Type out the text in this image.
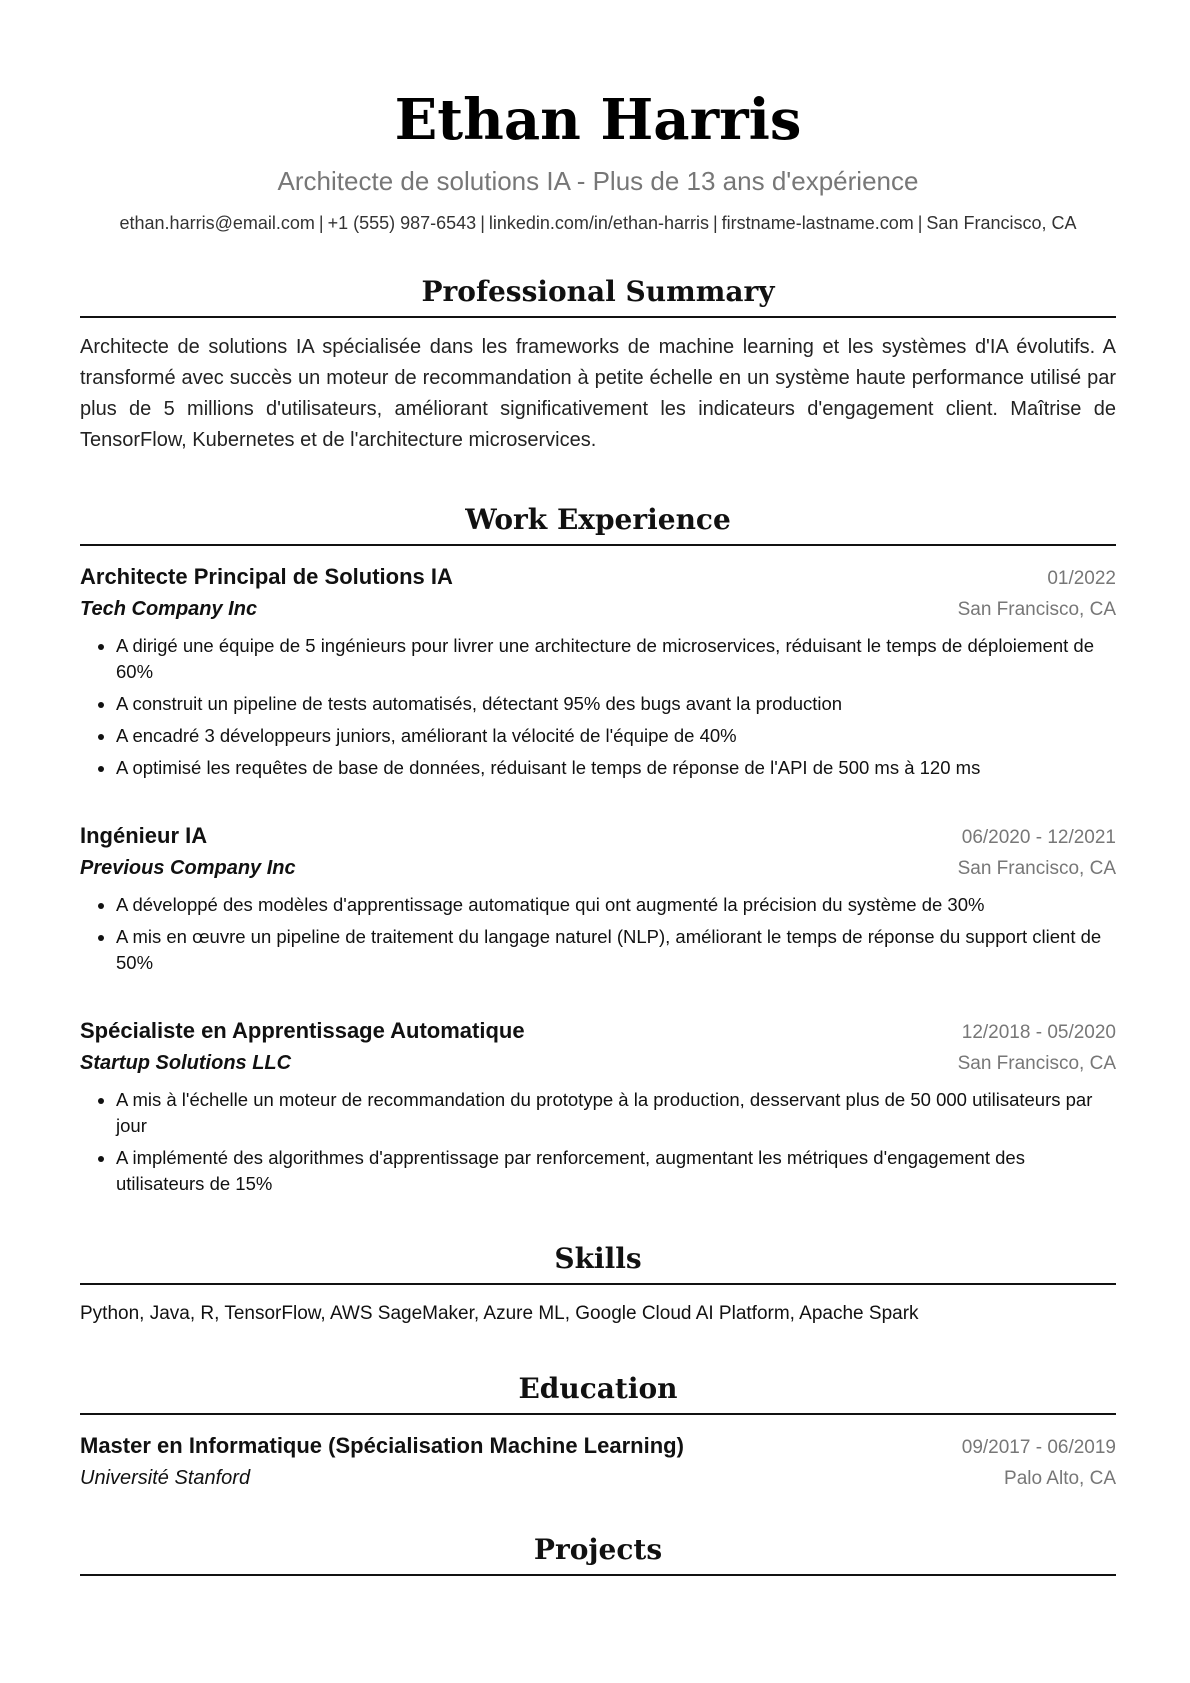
Ethan Harris
Architecte de solutions IA - Plus de 13 ans d'expérience
ethan.harris@email.com | +1 (555) 987-6543 | linkedin.com/in/ethan-harris | firstname-lastname.com | San Francisco, CA
Professional Summary
Architecte de solutions IA spécialisée dans les frameworks de machine learning et les systèmes d'IA évolutifs. A transformé avec succès un moteur de recommandation à petite échelle en un système haute performance utilisé par plus de 5 millions d'utilisateurs, améliorant significativement les indicateurs d'engagement client. Maîtrise de TensorFlow, Kubernetes et de l'architecture microservices.
Work Experience
Architecte Principal de Solutions IA	01/2022
Tech Company Inc	San Francisco, CA
• A dirigé une équipe de 5 ingénieurs pour livrer une architecture de microservices, réduisant le temps de déploiement de 60%
• A construit un pipeline de tests automatisés, détectant 95% des bugs avant la production
• A encadré 3 développeurs juniors, améliorant la vélocité de l'équipe de 40%
• A optimisé les requêtes de base de données, réduisant le temps de réponse de l'API de 500 ms à 120 ms
Ingénieur IA	06/2020 - 12/2021
Previous Company Inc	San Francisco, CA
• A développé des modèles d'apprentissage automatique qui ont augmenté la précision du système de 30%
• A mis en œuvre un pipeline de traitement du langage naturel (NLP), améliorant le temps de réponse du support client de 50%
Spécialiste en Apprentissage Automatique	12/2018 - 05/2020
Startup Solutions LLC	San Francisco, CA
• A mis à l'échelle un moteur de recommandation du prototype à la production, desservant plus de 50 000 utilisateurs par jour
• A implémenté des algorithmes d'apprentissage par renforcement, augmentant les métriques d'engagement des utilisateurs de 15%
Skills
Python, Java, R, TensorFlow, AWS SageMaker, Azure ML, Google Cloud AI Platform, Apache Spark
Education
Master en Informatique (Spécialisation Machine Learning)	09/2017 - 06/2019
Université Stanford	Palo Alto, CA
Projects
